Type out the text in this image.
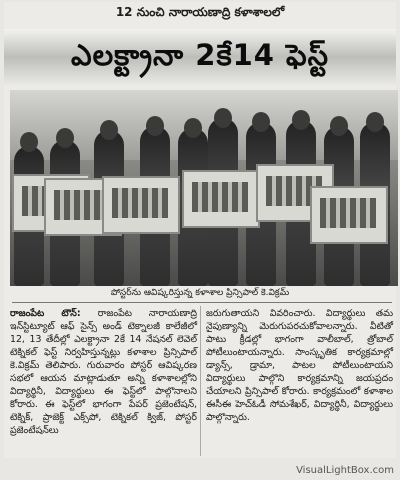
12 నుంచి నారాయణాద్రి కళాశాలలో
ఎలక్ట్రానా 2కే14 ఫెస్ట్
పోస్టర్‌ను ఆవిష్కరిస్తున్న కళాశాల ప్రిన్సిపాల్ కె.విక్రమ్
రాజంపేట టౌన్: రాజంపేట నారాయణాద్రి ఇన్‌స్టిట్యూట్ ఆఫ్ సైన్స్ అండ్ టెక్నాలజీ కాలేజీలో 12, 13 తేదీల్లో ఎలక్ట్రానా 2కే 14 నేషనల్ లెవెల్ టెక్నికల్ ఫెస్ట్ నిర్వహిస్తున్నట్లు కళాశాల ప్రిన్సిపాల్ కె.విక్రమ్ తెలిపారు. గురువారం పోస్టర్ ఆవిష్కరణ సభలో ఆయన మాట్లాడుతూ అన్ని కళాశాలల్లోని విద్యార్థినీ, విద్యార్థులు ఈ ఫెస్ట్‌లో పాల్గొనాలని కోరారు. ఈ ఫెస్ట్‌లో భాగంగా పేపర్ ప్రజెంటేషన్, టెక్నిక్, ప్రాజెక్ట్ ఎక్స్‌పో, టెక్నికల్ క్విజ్, పోస్టర్ ప్రజెంటేషన్‌లు
జరుగుతాయని వివరించారు. విద్యార్థులు తమ నైపుణ్యాన్ని మెరుగుపరచుకోవాలన్నారు. వీటితో పాటు క్రీడల్లో భాగంగా వాలీబాల్, త్రోబాల్ పోటీలుంటాయన్నారు. సాంస్కృతిక కార్యక్రమాల్లో డ్యాన్స్, డ్రామా, పాటల పోటీలుంటాయని విద్యార్థులు పాల్గొని కార్యక్రమాన్ని జయప్రదం చేయాలని ప్రిన్సిపాల్ కోరారు. కార్యక్రమంలో కళాశాల ఈసీఈ హెచ్‌ఓడీ సోమశేఖర్, విద్యార్థినీ, విద్యార్థులు పాల్గొన్నారు.
VisualLightBox.com
